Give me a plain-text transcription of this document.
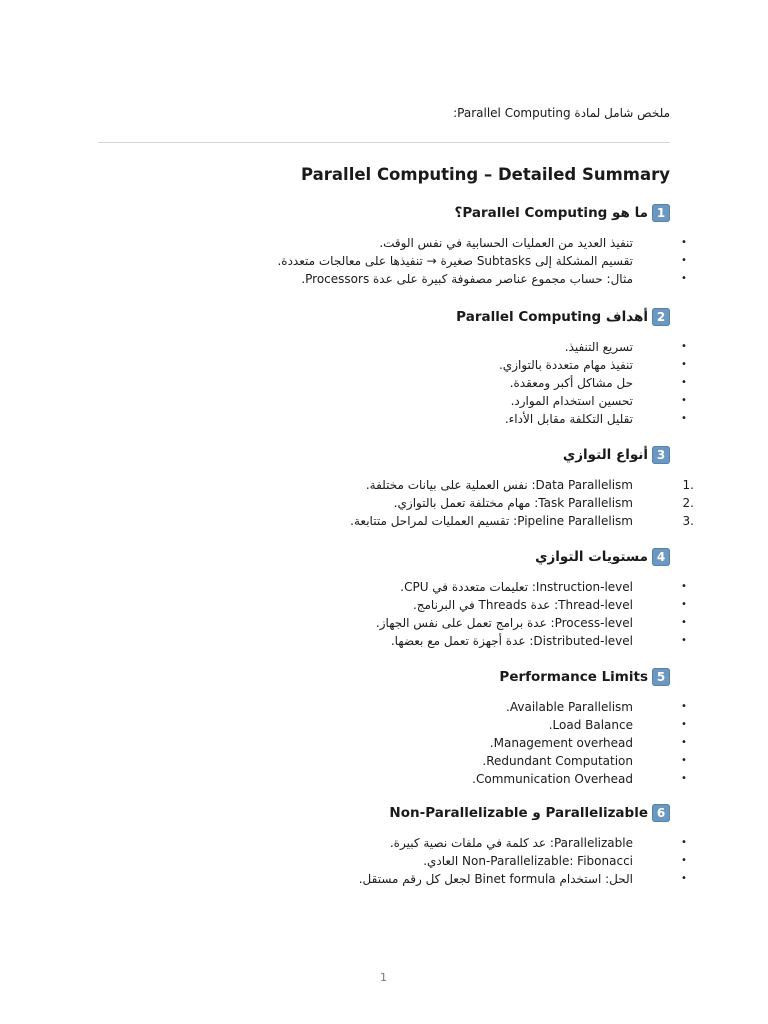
ملخص شامل لمادة Parallel Computing:
Parallel Computing – Detailed Summary
ما هو Parallel Computing؟ 1
تنفيذ العديد من العمليات الحسابية في نفس الوقت.	•
تقسيم المشكلة إلى Subtasks صغيرة → تنفيذها على معالجات متعددة.	•
مثال: حساب مجموع عناصر مصفوفة كبيرة على عدة Processors.	•
أهداف Parallel Computing 2
تسريع التنفيذ.	•
تنفيذ مهام متعددة بالتوازي.	•
حل مشاكل أكبر ومعقدة.	•
تحسين استخدام الموارد.	•
تقليل التكلفة مقابل الأداء.	•
أنواع التوازي 3
Data Parallelism: نفس العملية على بيانات مختلفة.	1.
Task Parallelism: مهام مختلفة تعمل بالتوازي.	2.
Pipeline Parallelism: تقسيم العمليات لمراحل متتابعة.	3.
مستويات التوازي 4
Instruction-level: تعليمات متعددة في CPU.	•
Thread-level: عدة Threads في البرنامج.	•
Process-level: عدة برامج تعمل على نفس الجهاز.	•
Distributed-level: عدة أجهزة تعمل مع بعضها.	•
Performance Limits 5
Available Parallelism.	•
Load Balance.	•
Management overhead.	•
Redundant Computation.	•
Communication Overhead.	•
Non-Parallelizable و Parallelizable 6
Parallelizable: عد كلمة في ملفات نصية كبيرة.	•
Non-Parallelizable: Fibonacci العادي.	•
الحل: استخدام Binet formula لجعل كل رقم مستقل.	•
1
